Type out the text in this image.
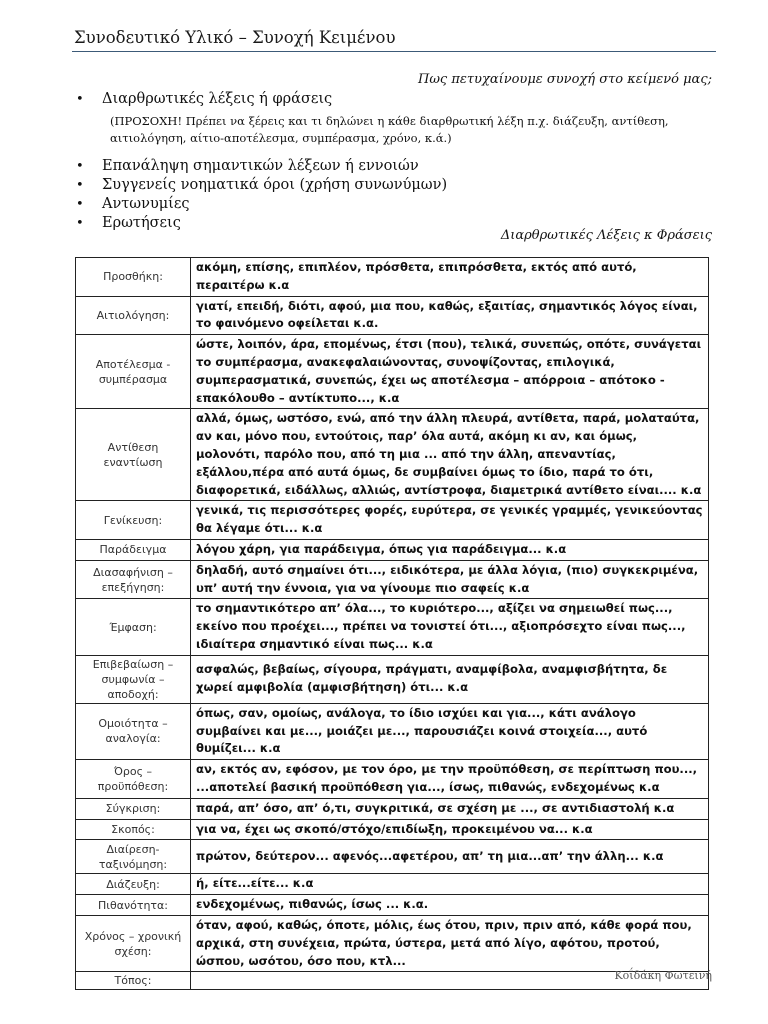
Συνοδευτικό Υλικό – Συνοχή Κειμένου
Πως πετυχαίνουμε συνοχή στο κείμενό μας;
• Διαρθρωτικές λέξεις ή φράσεις
(ΠΡΟΣΟΧΗ! Πρέπει να ξέρεις και τι δηλώνει η κάθε διαρθρωτική λέξη π.χ. διάζευξη, αντίθεση, αιτιολόγηση, αίτιο-αποτέλεσμα, συμπέρασμα, χρόνο, κ.ά.)
• Επανάληψη σημαντικών λέξεων ή εννοιών
• Συγγενείς νοηματικά όροι (χρήση συνωνύμων)
• Αντωνυμίες
• Ερωτήσεις
Διαρθρωτικές Λέξεις κ Φράσεις
Προσθήκη:	ακόμη, επίσης, επιπλέον, πρόσθετα, επιπρόσθετα, εκτός από αυτό, περαιτέρω κ.α
Αιτιολόγηση:	γιατί, επειδή, διότι, αφού, μια που, καθώς, εξαιτίας, σημαντικός λόγος είναι, το φαινόμενο οφείλεται κ.α.
Αποτέλεσμα - συμπέρασμα	ώστε, λοιπόν, άρα, επομένως, έτσι (που), τελικά, συνεπώς, οπότε, συνάγεται το συμπέρασμα, ανακεφαλαιώνοντας, συνοψίζοντας, επιλογικά, συμπερασματικά, συνεπώς, έχει ως αποτέλεσμα – απόρροια – απότοκο - επακόλουθο – αντίκτυπο..., κ.α
Αντίθεση εναντίωση	αλλά, όμως, ωστόσο, ενώ, από την άλλη πλευρά, αντίθετα, παρά, μολαταύτα, αν και, μόνο που, εντούτοις, παρ’ όλα αυτά, ακόμη κι αν, και όμως, μολονότι, παρόλο που, από τη μια ... από την άλλη, απεναντίας, εξάλλου,πέρα από αυτά όμως, δε συμβαίνει όμως το ίδιο, παρά το ότι, διαφορετικά, ειδάλλως, αλλιώς, αντίστροφα, διαμετρικά αντίθετο είναι.... κ.α
Γενίκευση:	γενικά, τις περισσότερες φορές, ευρύτερα, σε γενικές γραμμές, γενικεύοντας θα λέγαμε ότι... κ.α
Παράδειγμα	λόγου χάρη, για παράδειγμα, όπως για παράδειγμα... κ.α
Διασαφήνιση – επεξήγηση:	δηλαδή, αυτό σημαίνει ότι..., ειδικότερα, με άλλα λόγια, (πιο) συγκεκριμένα, υπ’ αυτή την έννοια, για να γίνουμε πιο σαφείς κ.α
Έμφαση:	το σημαντικότερο απ’ όλα..., το κυριότερο..., αξίζει να σημειωθεί πως..., εκείνο που προέχει..., πρέπει να τονιστεί ότι..., αξιοπρόσεχτο είναι πως..., ιδιαίτερα σημαντικό είναι πως... κ.α
Επιβεβαίωση – συμφωνία – αποδοχή:	ασφαλώς, βεβαίως, σίγουρα, πράγματι, αναμφίβολα, αναμφισβήτητα, δε χωρεί αμφιβολία (αμφισβήτηση) ότι... κ.α
Ομοιότητα – αναλογία:	όπως, σαν, ομοίως, ανάλογα, το ίδιο ισχύει και για..., κάτι ανάλογο συμβαίνει και με..., μοιάζει με..., παρουσιάζει κοινά στοιχεία..., αυτό θυμίζει... κ.α
Όρος – προϋπόθεση:	αν, εκτός αν, εφόσον, με τον όρο, με την προϋπόθεση, σε περίπτωση που..., ...αποτελεί βασική προϋπόθεση για..., ίσως, πιθανώς, ενδεχομένως κ.α
Σύγκριση:	παρά, απ’ όσο, απ’ ό,τι, συγκριτικά, σε σχέση με ..., σε αντιδιαστολή κ.α
Σκοπός:	για να, έχει ως σκοπό/στόχο/επιδίωξη, προκειμένου να... κ.α
Διαίρεση- ταξινόμηση:	πρώτον, δεύτερον... αφενός...αφετέρου, απ’ τη μια...απ’ την άλλη... κ.α
Διάζευξη:	ή, είτε...είτε... κ.α
Πιθανότητα:	ενδεχομένως, πιθανώς, ίσως ... κ.α.
Χρόνος – χρονική σχέση:	όταν, αφού, καθώς, όποτε, μόλις, έως ότου, πριν, πριν από, κάθε φορά που, αρχικά, στη συνέχεια, πρώτα, ύστερα, μετά από λίγο, αφότου, προτού, ώσπου, ωσότου, όσο που, κτλ...
Τόπος:		Κοΐδάκη Φωτεινή
